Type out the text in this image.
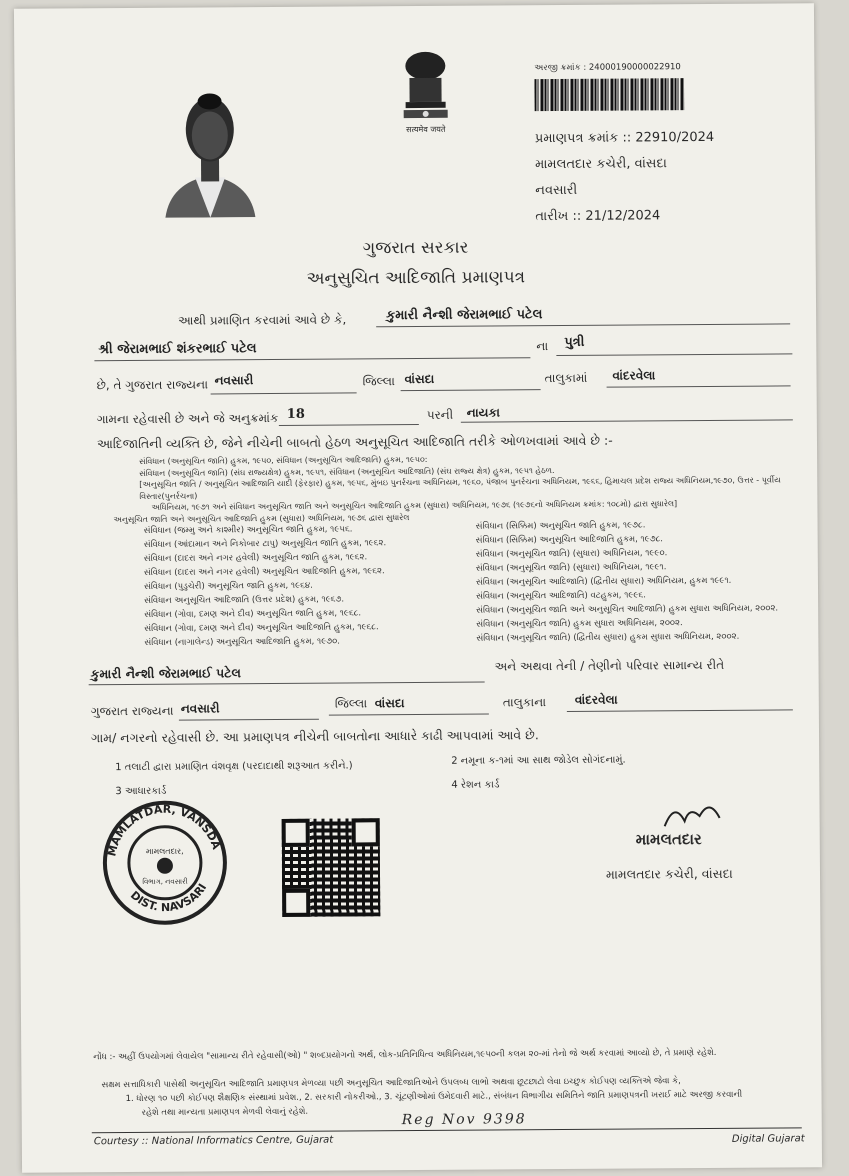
सत्यमेव जयते
અરજી ક્રમાંક : 24000190000022910
પ્રમાણપત્ર ક્રમાંક :: 22910/2024
મામલતદાર કચેરી, વાંસદા
નવસારી
તારીખ :: 21/12/2024
ગુજરાત સરકાર
અનુસુચિત આદિજાતિ પ્રમાણપત્ર
આથી પ્રમાણિત કરવામાં આવે છે કે,	કુમારી નૈન્શી જેરામભાઈ પટેલ
શ્રી જેરામભાઈ શંકરભાઈ પટેલ	ના પુત્રી
છે, તે ગુજરાત રાજ્યના નવસારી	જિલ્લા વાંસદા	તાલુકામાં વાંદરવેલા
ગામના રહેવાસી છે અને જે અનુક્રમાંક 18	પરની નાયકા
આદિજાતિની વ્યક્તિ છે, જેને નીચેની બાબતો હેઠળ અનુસૂચિત આદિજાતિ તરીકે ઓળખવામાં આવે છે :-
સંવિધાન (અનુસૂચિત જાતિ) હુકમ, ૧૯૫૦, સંવિધાન (અનુસૂચિત આદિજાતિ) હુકમ, ૧૯૫૦:
સંવિધાન (અનુસૂચિત જાતિ) (સંઘ રાજ્યક્ષેત્ર) હુકમ, ૧૯૫૧, સંવિધાન (અનુસૂચિત આદિજાતિ) (સંઘ રાજ્ય ક્ષેત્ર) હુકમ, ૧૯૫૧ હેઠળ.
[અનુસૂચિત જાતિ / અનુસૂચિત આદિજાતિ યાદી (ફેરફાર) હુકમ, ૧૯૫૬, મુંબઇ પુનર્રચના અધિનિયમ, ૧૯૬૦, પંજાબ પુનર્રચના અધિનિયમ, ૧૯૬૬, હિમાચલ પ્રદેશ રાજ્ય અધિનિયમ,૧૯૭૦, ઉત્તર - પૂર્વીય વિસ્તાર(પુનર્રચના)
અધિનિયમ, ૧૯૭૧ અને સંવિધાન અનુસૂચિત જાતિ અને અનુસૂચિત આદિજાતિ હુકમ (સુધારા) અધિનિયમ, ૧૯૭૬ (૧૯૭૬નો અધિનિયમ ક્રમાંક: ૧૦૮મો) દ્વારા સુધારેલ]
અનુસૂચિત જાતિ અને અનુસૂચિત આદિજાતિ હુકમ (સુધારા) અધિનિયમ, ૧૯૭૬ દ્વારા સુધારેલ
સંવિધાન (જમ્મુ અને કાશ્મીર) અનુસૂચિત જાતિ હુકમ, ૧૯૫૬.
સંવિધાન (આંદામાન અને નિકોબાર ટાપુ) અનુસૂચિત જાતિ હુકમ, ૧૯૬૨.
સંવિધાન (દાદરા અને નગર હવેલી) અનુસૂચિત જાતિ હુકમ, ૧૯૬૨.
સંવિધાન (દાદરા અને નગર હવેલી) અનુસૂચિત આદિજાતિ હુકમ, ૧૯૬૨.
સંવિધાન (પુડુચેરી) અનુસૂચિત જાતિ હુકમ, ૧૯૬૪.
સંવિધાન અનુસૂચિત આદિજાતિ (ઉત્તર પ્રદેશ) હુકમ, ૧૯૬૭.
સંવિધાન (ગોવા, દમણ અને દીવ) અનુસૂચિત જાતિ હુકમ, ૧૯૬૮.
સંવિધાન (ગોવા, દમણ અને દીવ) અનુસૂચિત આદિજાતિ હુકમ, ૧૯૬૮.
સંવિધાન (નાગાલેન્ડ) અનુસૂચિત આદિજાતિ હુકમ, ૧૯૭૦.
સંવિધાન (સિક્કિમ) અનુસૂચિત જાતિ હુકમ, ૧૯૭૮.
સંવિધાન (સિક્કિમ) અનુસૂચિત આદિજાતિ હુકમ, ૧૯૭૮.
સંવિધાન (અનુસૂચિત જાતિ) (સુધારા) અધિનિયમ, ૧૯૯૦.
સંવિધાન (અનુસૂચિત જાતિ) (સુધારા) અધિનિયમ, ૧૯૯૧.
સંવિધાન (અનુસૂચિત આદિજાતિ) (દ્વિતીય સુધારા) અધિનિયમ, હુકમ ૧૯૯૧.
સંવિધાન (અનુસૂચિત આદિજાતિ) વટહુકમ, ૧૯૯૬.
સંવિધાન (અનુસૂચિત જાતિ અને અનુસૂચિત આદિજાતિ) હુકમ સુધારા અધિનિયમ, ૨૦૦૨.
સંવિધાન (અનુસૂચિત જાતિ) હુકમ સુધારા અધિનિયમ, ૨૦૦૨.
સંવિધાન (અનુસૂચિત જાતિ) (દ્વિતીય સુધારા) હુકમ સુધારા અધિનિયમ, ૨૦૦૨.
કુમારી નૈન્શી જેરામભાઈ પટેલ	અને અથવા તેની / તેણીનો પરિવાર સામાન્ય રીતે
ગુજરાત રાજ્યના નવસારી	જિલ્લા વાંસદા	તાલુકાના વાંદરવેલા
ગામ/ નગરનો રહેવાસી છે. આ પ્રમાણપત્ર નીચેની બાબતોના આધારે કાઢી આપવામાં આવે છે.
1 તલાટી દ્વારા પ્રમાણિત વંશવૃક્ષ (પરદાદાથી શરૂઆત કરીને.)	2 નમૂના ક-૧માં આ સાથ જોડેલ સોગંદનામું.
3 આધારકાર્ડ
4 રેશન કાર્ડ
MAMLATDAR, VANSDA
DIST. NAVSARI
મામલતદાર,
વિભાગ, નવસારી
મામલતદાર
મામલતદાર કચેરી, વાંસદા
નોંધ :- અહીં ઉપયોગમાં લેવાયેલ "સામાન્ય રીતે રહેવાસી(ઓ) " શબ્દપ્રયોગનો અર્થ, લોક-પ્રતિનિધિત્વ અધિનિયમ,૧૯૫૦ની કલમ ૨૦-માં તેનો જે અર્થ કરવામાં આવ્યો છે, તે પ્રમાણે રહેશે.
સક્ષમ સત્તાધિકારી પાસેથી અનુસૂચિત આદિજાતિ પ્રમાણપત્ર મેળવ્યા પછી અનુસૂચિત આદિજાતિઓને ઉપલબ્ધ લાભો અથવા છૂટછાટો લેવા ઇચ્છુક કોઈપણ વ્યક્તિએ જેવા કે,
1. ધોરણ ૧૦ પછી કોઈપણ શૈક્ષણિક સંસ્થામાં પ્રવેશ., 2. સરકારી નોકરીઓ., 3. ચૂંટણીઓમાં ઉમેદવારી માટે., સંબંધન વિભાગીય સમિતિને જાતિ પ્રમાણપત્રની ખરાઈ માટે અરજી કરવાની
રહેશે તથા માન્યતા પ્રમાણપત્ર મેળવી લેવાનું રહેશે.	Reg Nov 9398
Courtesy :: National Informatics Centre, Gujarat	Digital Gujarat
